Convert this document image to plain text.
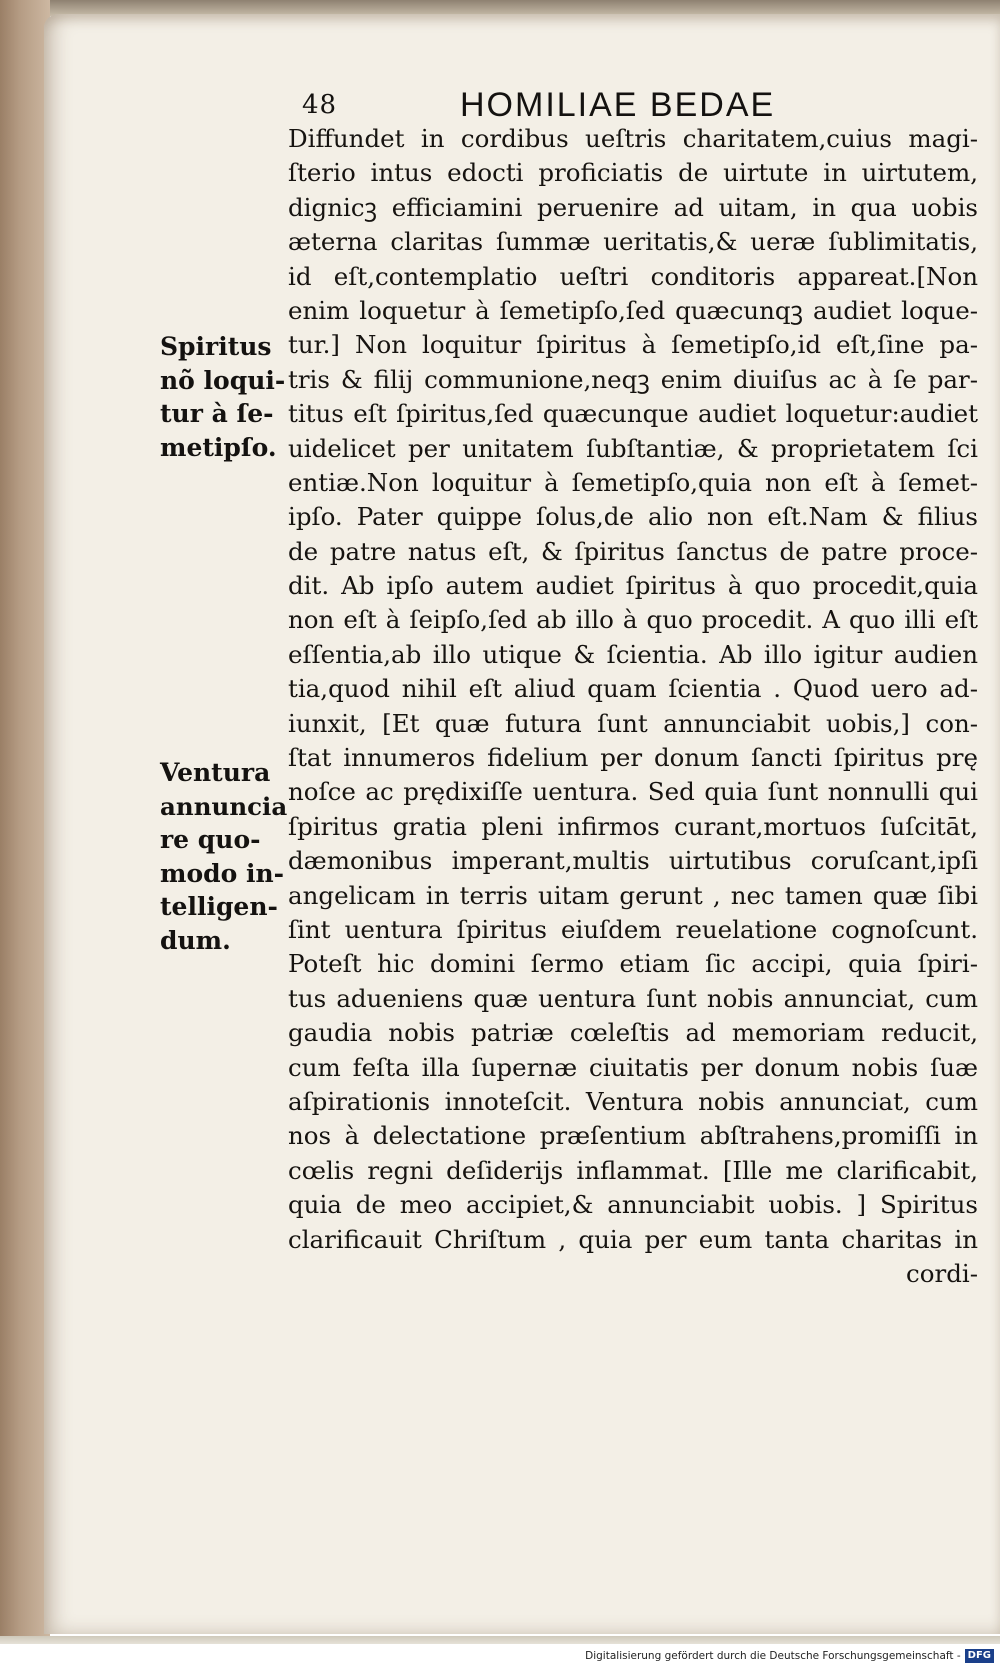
48	HOMILIAE BEDAE
Spiritus
nõ loqui-
tur à ſe-
metipſo.
Ventura
annuncia
re quo-
modo in-
telligen-
dum.
Diffundet in cordibus ueſtris charitatem,cuius magi-
ſterio intus edocti proficiatis de uirtute in uirtutem,
dignicꝫ efficiamini peruenire ad uitam, in qua uobis
æterna claritas ſummæ ueritatis,& ueræ ſublimitatis,
id eſt,contemplatio ueſtri conditoris appareat.[Non
enim loquetur à ſemetipſo,ſed quæcunqꝫ audiet loque-
tur.] Non loquitur ſpiritus à ſemetipſo,id eſt,ſine pa-
tris & filij communione,neqꝫ enim diuiſus ac à ſe par-
titus eſt ſpiritus,ſed quæcunque audiet loquetur:audiet
uidelicet per unitatem ſubſtantiæ, & proprietatem ſci
entiæ.Non loquitur à ſemetipſo,quia non eſt à ſemet-
ipſo. Pater quippe ſolus,de alio non eſt.Nam & filius
de patre natus eſt, & ſpiritus ſanctus de patre proce-
dit. Ab ipſo autem audiet ſpiritus à quo procedit,quia
non eſt à ſeipſo,ſed ab illo à quo procedit. A quo illi eſt
eſſentia,ab illo utique & ſcientia. Ab illo igitur audien
tia,quod nihil eſt aliud quam ſcientia . Quod uero ad-
iunxit, [Et quæ futura ſunt annunciabit uobis,] con-
ſtat innumeros fidelium per donum ſancti ſpiritus prę
noſce ac prędixiſſe uentura. Sed quia ſunt nonnulli qui
ſpiritus gratia pleni infirmos curant,mortuos ſuſcitāt,
dæmonibus imperant,multis uirtutibus coruſcant,ipſi
angelicam in terris uitam gerunt , nec tamen quæ ſibi
ſint uentura ſpiritus eiuſdem reuelatione cognoſcunt.
Poteſt hic domini ſermo etiam ſic accipi, quia ſpiri-
tus adueniens quæ uentura ſunt nobis annunciat, cum
gaudia nobis patriæ cœleſtis ad memoriam reducit,
cum feſta illa ſupernæ ciuitatis per donum nobis ſuæ
aſpirationis innoteſcit. Ventura nobis annunciat, cum
nos à delectatione præſentium abſtrahens,promiſſi in
cœlis regni deſiderijs inflammat. [Ille me clarificabit,
quia de meo accipiet,& annunciabit uobis. ] Spiritus
clarificauit Chriſtum , quia per eum tanta charitas in
cordi-
Digitalisierung gefördert durch die Deutsche Forschungsgemeinschaft - DFG
